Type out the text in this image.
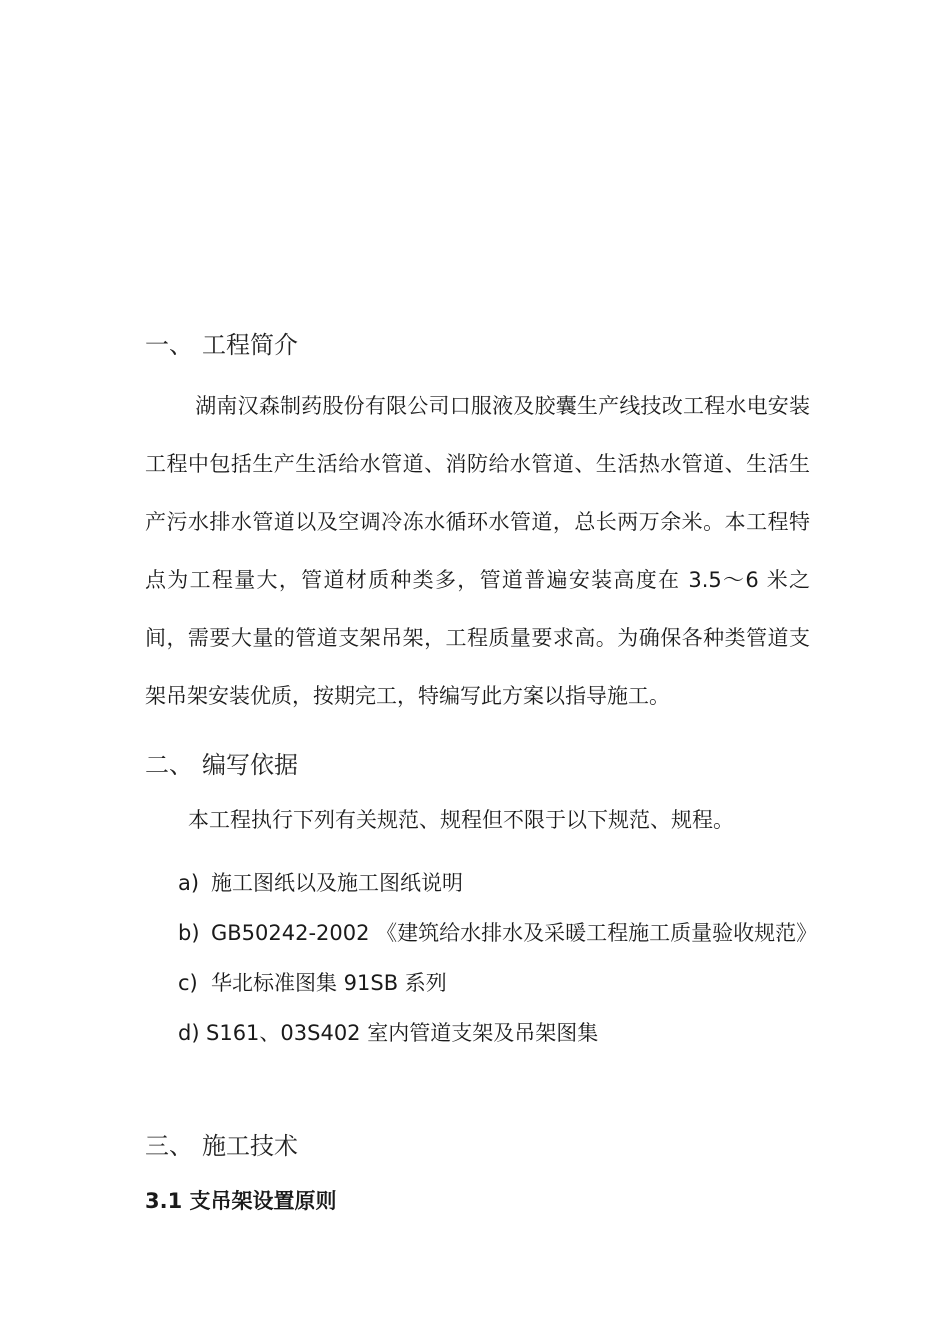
一、 工程简介
湖南汉森制药股份有限公司口服液及胶囊生产线技改工程水电安装工程中包括生产生活给水管道、消防给水管道、生活热水管道、生活生产污水排水管道以及空调冷冻水循环水管道，总长两万余米。本工程特点为工程量大，管道材质种类多，管道普遍安装高度在 3.5～6 米之间，需要大量的管道支架吊架，工程质量要求高。为确保各种类管道支架吊架安装优质，按期完工，特编写此方案以指导施工。
二、 编写依据
本工程执行下列有关规范、规程但不限于以下规范、规程。
a) 施工图纸以及施工图纸说明
b) GB50242-2002 《建筑给水排水及采暖工程施工质量验收规范》
c) 华北标准图集 91SB 系列
d) S161、03S402 室内管道支架及吊架图集
三、 施工技术
3.1 支吊架设置原则
